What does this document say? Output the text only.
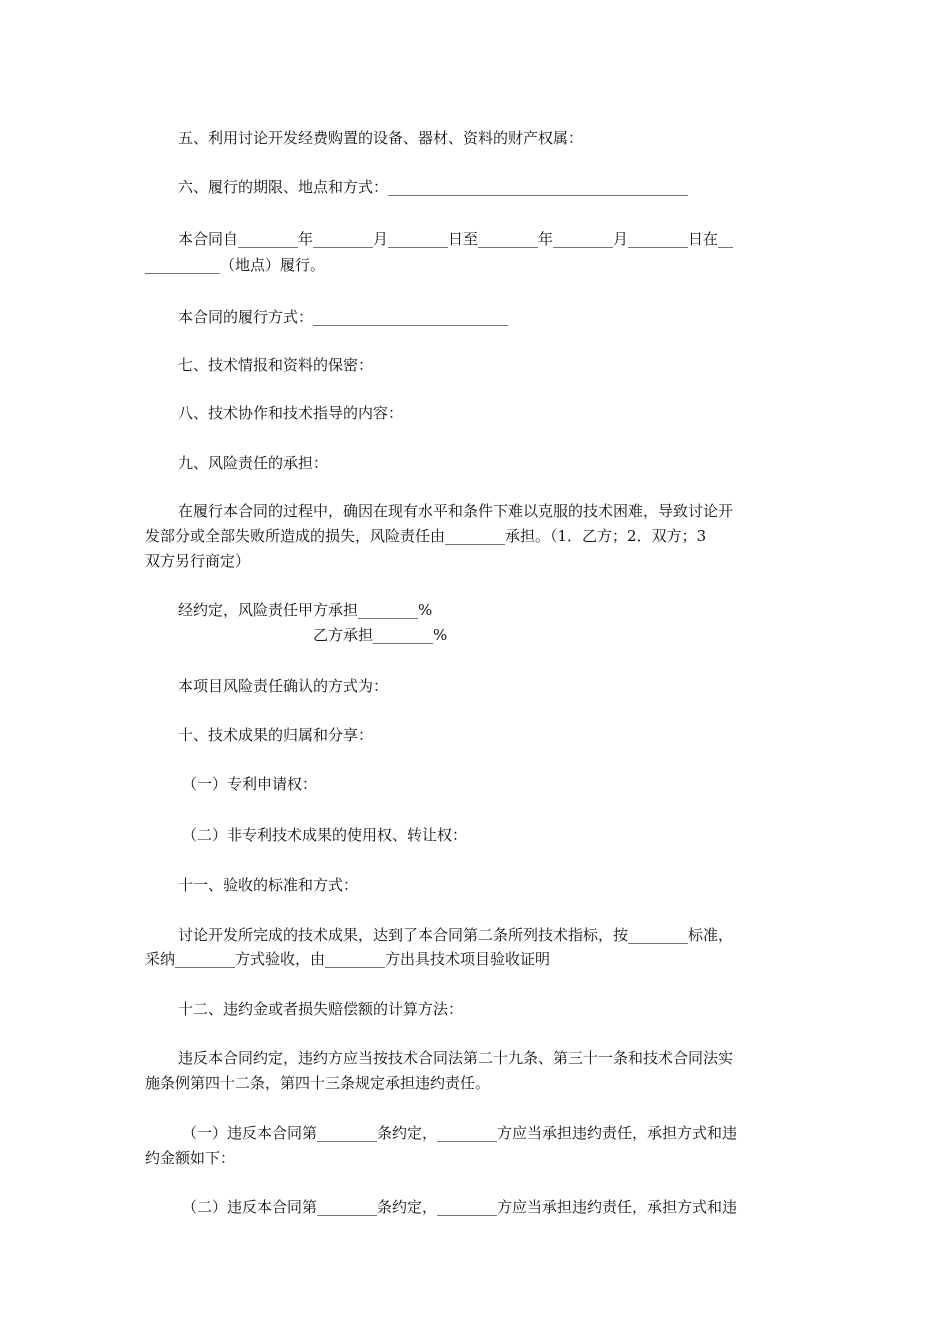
五、利用讨论开发经费购置的设备、器材、资料的财产权属：
六、履行的期限、地点和方式：________________________________________
本合同自________年________月________日至________年________月________日在__
__________（地点）履行。
本合同的履行方式：__________________________
七、技术情报和资料的保密：
八、技术协作和技术指导的内容：
九、风险责任的承担：
在履行本合同的过程中，确因在现有水平和条件下难以克服的技术困难，导致讨论开
发部分或全部失败所造成的损失，风险责任由________承担。（1．乙方；2．双方；3
双方另行商定）
经约定，风险责任甲方承担________%
乙方承担________%
本项目风险责任确认的方式为：
十、技术成果的归属和分享：
（一）专利申请权：
（二）非专利技术成果的使用权、转让权：
十一、验收的标准和方式：
讨论开发所完成的技术成果，达到了本合同第二条所列技术指标，按________标准，
采纳________方式验收，由________方出具技术项目验收证明
十二、违约金或者损失赔偿额的计算方法：
违反本合同约定，违约方应当按技术合同法第二十九条、第三十一条和技术合同法实
施条例第四十二条，第四十三条规定承担违约责任。
（一）违反本合同第________条约定，________方应当承担违约责任，承担方式和违
约金额如下：
（二）违反本合同第________条约定，________方应当承担违约责任，承担方式和违
